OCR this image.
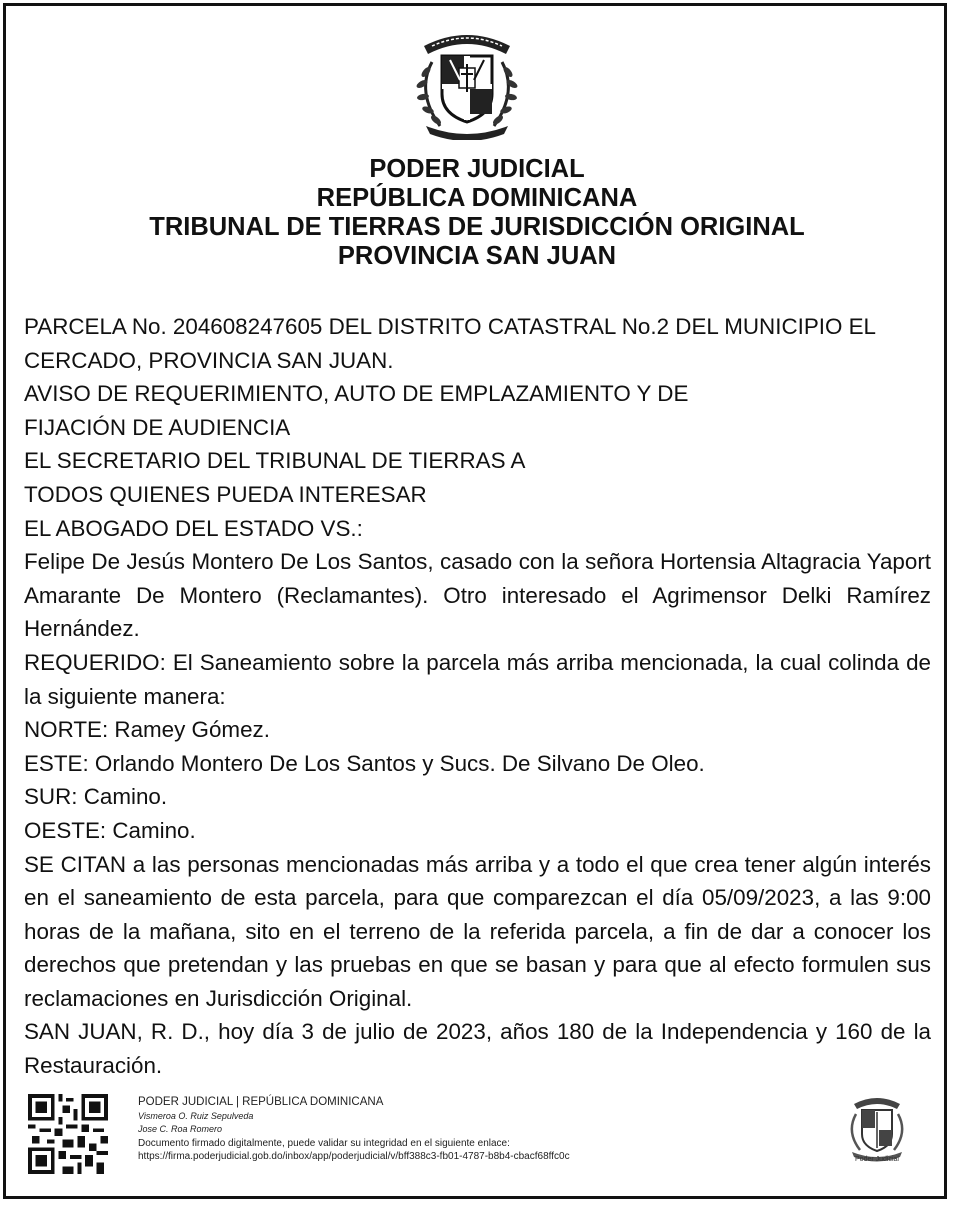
PODER JUDICIAL
REPÚBLICA DOMINICANA
TRIBUNAL DE TIERRAS DE JURISDICCIÓN ORIGINAL
PROVINCIA SAN JUAN

PARCELA No. 204608247605 DEL DISTRITO CATASTRAL No.2 DEL MUNICIPIO EL CERCADO, PROVINCIA SAN JUAN.

AVISO DE REQUERIMIENTO, AUTO DE EMPLAZAMIENTO Y DE FIJACIÓN DE AUDIENCIA

EL SECRETARIO DEL TRIBUNAL DE TIERRAS A

TODOS QUIENES PUEDA INTERESAR

EL ABOGADO DEL ESTADO VS.:

Felipe De Jesús Montero De Los Santos, casado con la señora Hortensia Altagracia Yaport Amarante De Montero (Reclamantes). Otro interesado el Agrimensor Delki Ramírez Hernández.

REQUERIDO: El Saneamiento sobre la parcela más arriba mencionada, la cual colinda de la siguiente manera:

NORTE: Ramey Gómez.

ESTE: Orlando Montero De Los Santos y Sucs. De Silvano De Oleo.

SUR: Camino.

OESTE: Camino.

SE CITAN a las personas mencionadas más arriba y a todo el que crea tener algún interés en el saneamiento de esta parcela, para que comparezcan el día 05/09/2023, a las 9:00 horas de la mañana, sito en el terreno de la referida parcela, a fin de dar a conocer los derechos que pretendan y las pruebas en que se basan y para que al efecto formulen sus reclamaciones en Jurisdicción Original.

SAN JUAN, R. D., hoy día 3 de julio de 2023, años 180 de la Independencia y 160 de la Restauración.

PODER JUDICIAL | REPÚBLICA DOMINICANA
Vismeroa O. Ruiz Sepulveda
Jose C. Roa Romero
Documento firmado digitalmente, puede validar su integridad en el siguiente enlace:
https://firma.poderjudicial.gob.do/inbox/app/poderjudicial/v/bff388c3-fb01-4787-b8b4-cbacf68ffc0c	Poder Judicial
